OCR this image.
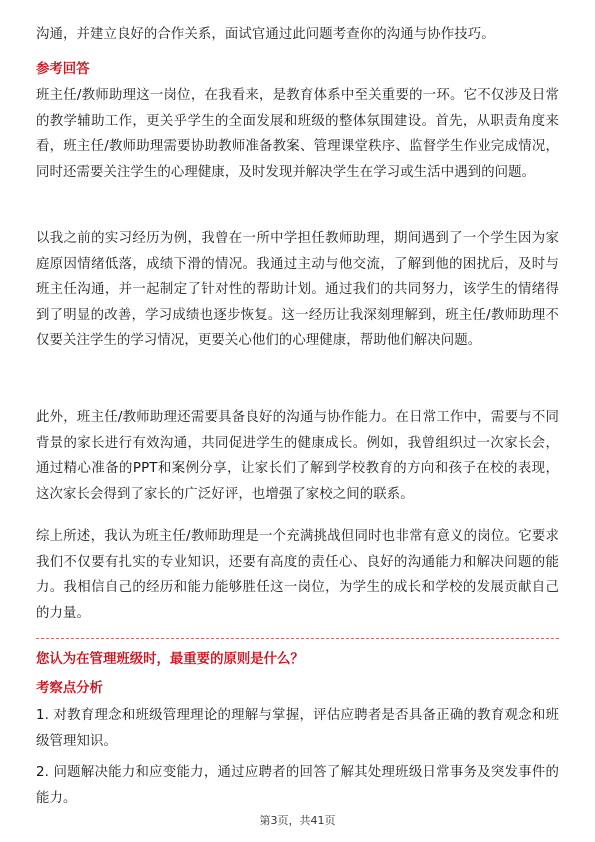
沟通，并建立良好的合作关系，面试官通过此问题考查你的沟通与协作技巧。

参考回答

班主任/教师助理这一岗位，在我看来，是教育体系中至关重要的一环。它不仅涉及日常的教学辅助工作，更关乎学生的全面发展和班级的整体氛围建设。首先，从职责角度来看，班主任/教师助理需要协助教师准备教案、管理课堂秩序、监督学生作业完成情况，同时还需要关注学生的心理健康，及时发现并解决学生在学习或生活中遇到的问题。

以我之前的实习经历为例，我曾在一所中学担任教师助理，期间遇到了一个学生因为家庭原因情绪低落，成绩下滑的情况。我通过主动与他交流，了解到他的困扰后，及时与班主任沟通，并一起制定了针对性的帮助计划。通过我们的共同努力，该学生的情绪得到了明显的改善，学习成绩也逐步恢复。这一经历让我深刻理解到，班主任/教师助理不仅要关注学生的学习情况，更要关心他们的心理健康，帮助他们解决问题。

此外，班主任/教师助理还需要具备良好的沟通与协作能力。在日常工作中，需要与不同背景的家长进行有效沟通，共同促进学生的健康成长。例如，我曾组织过一次家长会，通过精心准备的PPT和案例分享，让家长们了解到学校教育的方向和孩子在校的表现，这次家长会得到了家长的广泛好评，也增强了家校之间的联系。

综上所述，我认为班主任/教师助理是一个充满挑战但同时也非常有意义的岗位。它要求我们不仅要有扎实的专业知识，还要有高度的责任心、良好的沟通能力和解决问题的能力。我相信自己的经历和能力能够胜任这一岗位，为学生的成长和学校的发展贡献自己的力量。

您认为在管理班级时，最重要的原则是什么？

考察点分析

1. 对教育理念和班级管理理论的理解与掌握，评估应聘者是否具备正确的教育观念和班级管理知识。

2. 问题解决能力和应变能力，通过应聘者的回答了解其处理班级日常事务及突发事件的能力。

第3页，共41页
